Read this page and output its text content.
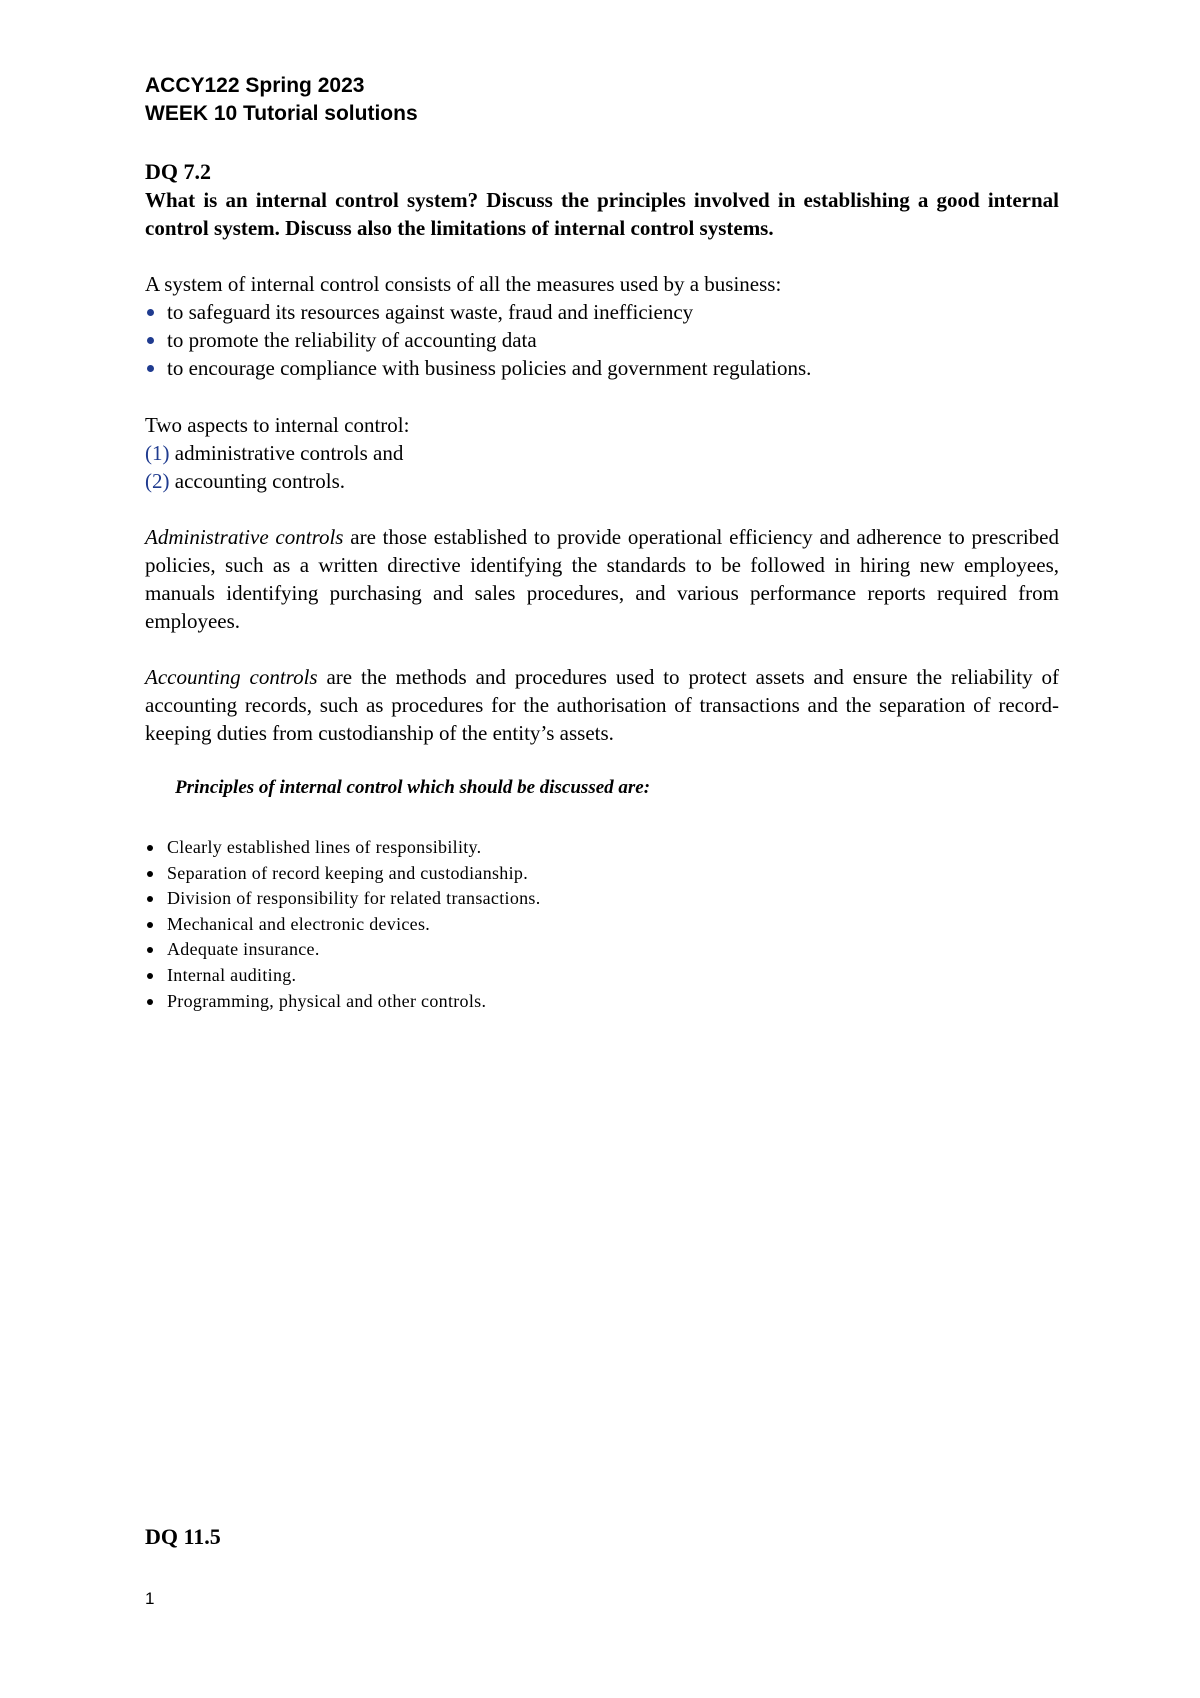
ACCY122 Spring 2023
WEEK 10 Tutorial solutions
DQ 7.2
What is an internal control system? Discuss the principles involved in establishing a good internal control system. Discuss also the limitations of internal control systems.
A system of internal control consists of all the measures used by a business:
to safeguard its resources against waste, fraud and inefficiency
to promote the reliability of accounting data
to encourage compliance with business policies and government regulations.
Two aspects to internal control:
(1) administrative controls and
(2) accounting controls.
Administrative controls are those established to provide operational efficiency and adherence to prescribed policies, such as a written directive identifying the standards to be followed in hiring new employees, manuals identifying purchasing and sales procedures, and various performance reports required from employees.
Accounting controls are the methods and procedures used to protect assets and ensure the reliability of accounting records, such as procedures for the authorisation of transactions and the separation of record-keeping duties from custodianship of the entity’s assets.
Principles of internal control which should be discussed are:
Clearly established lines of responsibility.
Separation of record keeping and custodianship.
Division of responsibility for related transactions.
Mechanical and electronic devices.
Adequate insurance.
Internal auditing.
Programming, physical and other controls.
DQ 11.5
1
